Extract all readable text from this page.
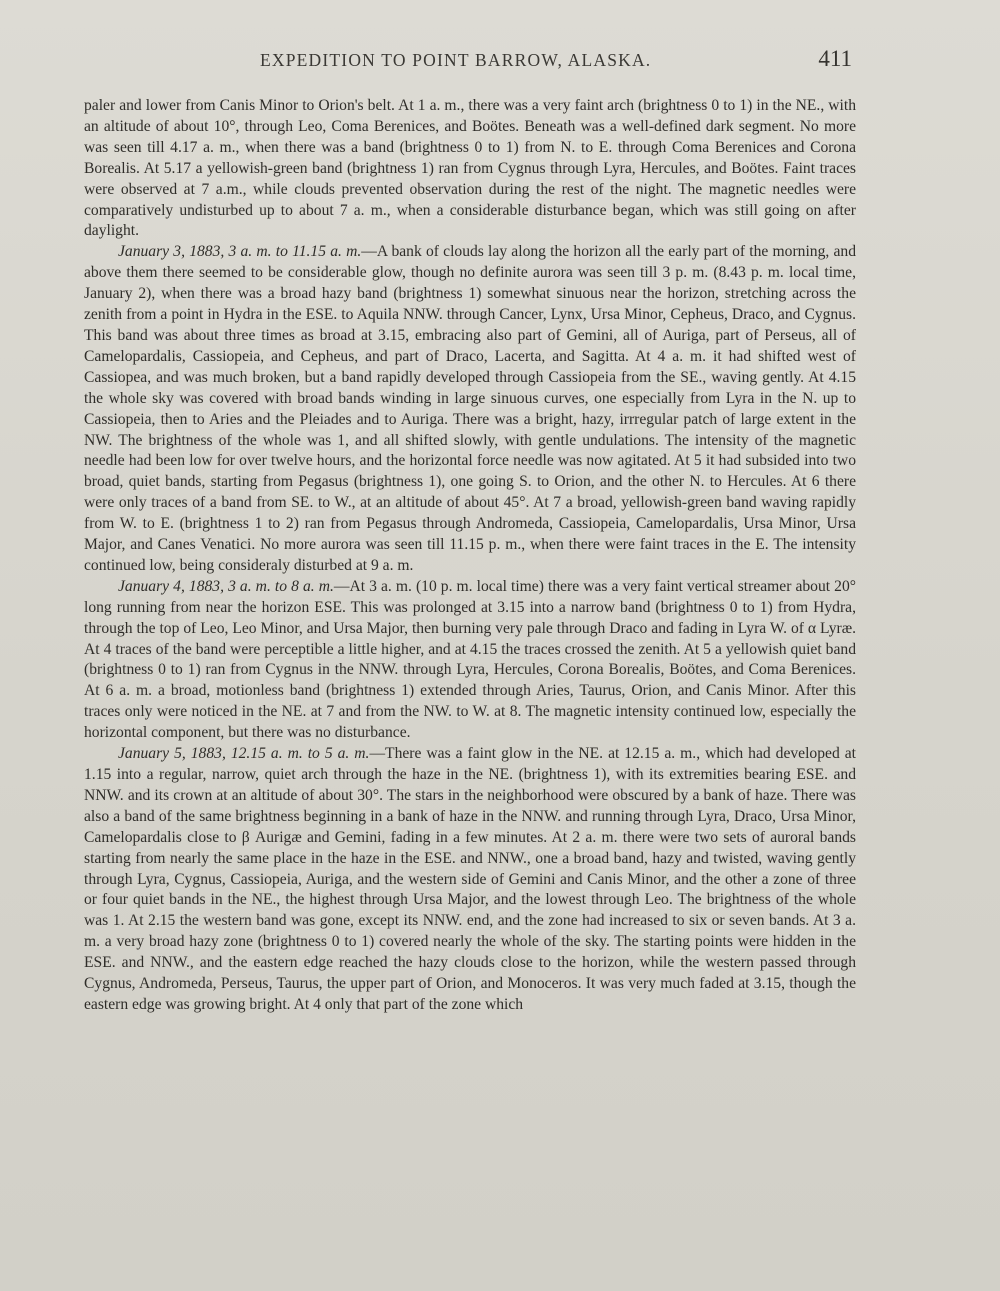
EXPEDITION TO POINT BARROW, ALASKA.	411

paler and lower from Canis Minor to Orion's belt. At 1 a. m., there was a very faint arch (brightness 0 to 1) in the NE., with an altitude of about 10°, through Leo, Coma Berenices, and Boötes. Beneath was a well-defined dark segment. No more was seen till 4.17 a. m., when there was a band (brightness 0 to 1) from N. to E. through Coma Berenices and Corona Borealis. At 5.17 a yellowish-green band (brightness 1) ran from Cygnus through Lyra, Hercules, and Boötes. Faint traces were observed at 7 a.m., while clouds prevented observation during the rest of the night. The magnetic needles were comparatively undisturbed up to about 7 a. m., when a considerable disturbance began, which was still going on after daylight.

January 3, 1883, 3 a. m. to 11.15 a. m.—A bank of clouds lay along the horizon all the early part of the morning, and above them there seemed to be considerable glow, though no definite aurora was seen till 3 p. m. (8.43 p. m. local time, January 2), when there was a broad hazy band (brightness 1) somewhat sinuous near the horizon, stretching across the zenith from a point in Hydra in the ESE. to Aquila NNW. through Cancer, Lynx, Ursa Minor, Cepheus, Draco, and Cygnus. This band was about three times as broad at 3.15, embracing also part of Gemini, all of Auriga, part of Perseus, all of Camelopardalis, Cassiopeia, and Cepheus, and part of Draco, Lacerta, and Sagitta. At 4 a. m. it had shifted west of Cassiopea, and was much broken, but a band rapidly developed through Cassiopeia from the SE., waving gently. At 4.15 the whole sky was covered with broad bands winding in large sinuous curves, one especially from Lyra in the N. up to Cassiopeia, then to Aries and the Pleiades and to Auriga. There was a bright, hazy, irrregular patch of large extent in the NW. The brightness of the whole was 1, and all shifted slowly, with gentle undulations. The intensity of the magnetic needle had been low for over twelve hours, and the horizontal force needle was now agitated. At 5 it had subsided into two broad, quiet bands, starting from Pegasus (brightness 1), one going S. to Orion, and the other N. to Hercules. At 6 there were only traces of a band from SE. to W., at an altitude of about 45°. At 7 a broad, yellowish-green band waving rapidly from W. to E. (brightness 1 to 2) ran from Pegasus through Andromeda, Cassiopeia, Camelopardalis, Ursa Minor, Ursa Major, and Canes Venatici. No more aurora was seen till 11.15 p. m., when there were faint traces in the E. The intensity continued low, being consideraly disturbed at 9 a. m.

January 4, 1883, 3 a. m. to 8 a. m.—At 3 a. m. (10 p. m. local time) there was a very faint vertical streamer about 20° long running from near the horizon ESE. This was prolonged at 3.15 into a narrow band (brightness 0 to 1) from Hydra, through the top of Leo, Leo Minor, and Ursa Major, then burning very pale through Draco and fading in Lyra W. of α Lyræ. At 4 traces of the band were perceptible a little higher, and at 4.15 the traces crossed the zenith. At 5 a yellowish quiet band (brightness 0 to 1) ran from Cygnus in the NNW. through Lyra, Hercules, Corona Borealis, Boötes, and Coma Berenices. At 6 a. m. a broad, motionless band (brightness 1) extended through Aries, Taurus, Orion, and Canis Minor. After this traces only were noticed in the NE. at 7 and from the NW. to W. at 8. The magnetic intensity continued low, especially the horizontal component, but there was no disturbance.

January 5, 1883, 12.15 a. m. to 5 a. m.—There was a faint glow in the NE. at 12.15 a. m., which had developed at 1.15 into a regular, narrow, quiet arch through the haze in the NE. (brightness 1), with its extremities bearing ESE. and NNW. and its crown at an altitude of about 30°. The stars in the neighborhood were obscured by a bank of haze. There was also a band of the same brightness beginning in a bank of haze in the NNW. and running through Lyra, Draco, Ursa Minor, Camelopardalis close to β Aurigæ and Gemini, fading in a few minutes. At 2 a. m. there were two sets of auroral bands starting from nearly the same place in the haze in the ESE. and NNW., one a broad band, hazy and twisted, waving gently through Lyra, Cygnus, Cassiopeia, Auriga, and the western side of Gemini and Canis Minor, and the other a zone of three or four quiet bands in the NE., the highest through Ursa Major, and the lowest through Leo. The brightness of the whole was 1. At 2.15 the western band was gone, except its NNW. end, and the zone had increased to six or seven bands. At 3 a. m. a very broad hazy zone (brightness 0 to 1) covered nearly the whole of the sky. The starting points were hidden in the ESE. and NNW., and the eastern edge reached the hazy clouds close to the horizon, while the western passed through Cygnus, Andromeda, Perseus, Taurus, the upper part of Orion, and Monoceros. It was very much faded at 3.15, though the eastern edge was growing bright. At 4 only that part of the zone which
